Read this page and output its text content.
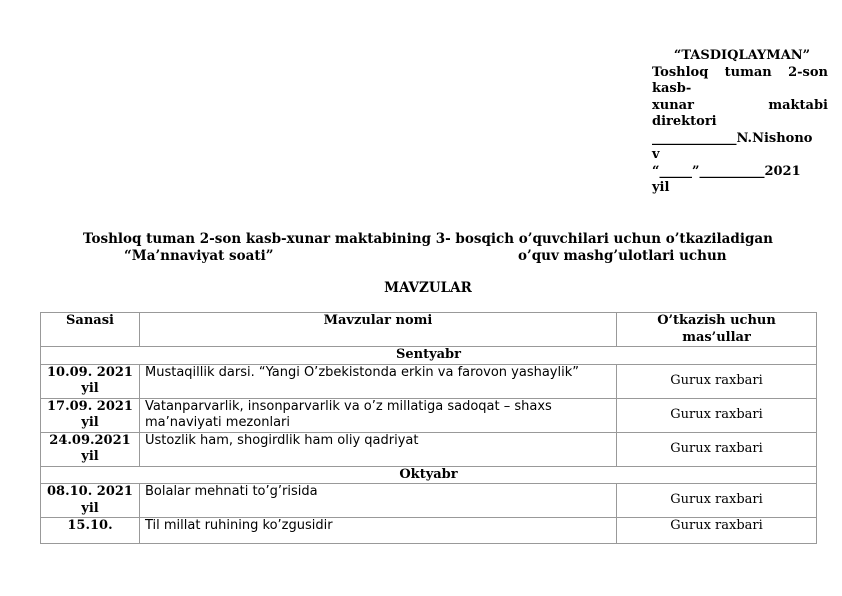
“TASDIQLAYMAN”
Toshloq tuman 2-son kasb-
xunar maktabi
direktori
_____________N.Nishono
v
“_____”__________2021
yil
Toshloq tuman 2-son kasb-xunar maktabining 3- bosqich o’quvchilari uchun o’tkaziladigan
“Ma’nnaviyat soati”	o’quv mashg’ulotlari uchun
MAVZULAR
Sanasi	Mavzular nomi	O’tkazish uchun mas’ullar
Sentyabr		
10.09. 2021 yil	Mustaqillik darsi. “Yangi O’zbekistonda erkin va farovon yashaylik”	Gurux raxbari
17.09. 2021 yil	Vatanparvarlik, insonparvarlik va o’z millatiga sadoqat – shaxs ma’naviyati mezonlari	Gurux raxbari
24.09.2021 yil	Ustozlik ham, shogirdlik ham oliy qadriyat	Gurux raxbari
Oktyabr		
08.10. 2021 yil	Bolalar mehnati to’g’risida	Gurux raxbari
15.10.	Til millat ruhining ko’zgusidir	Gurux raxbari
